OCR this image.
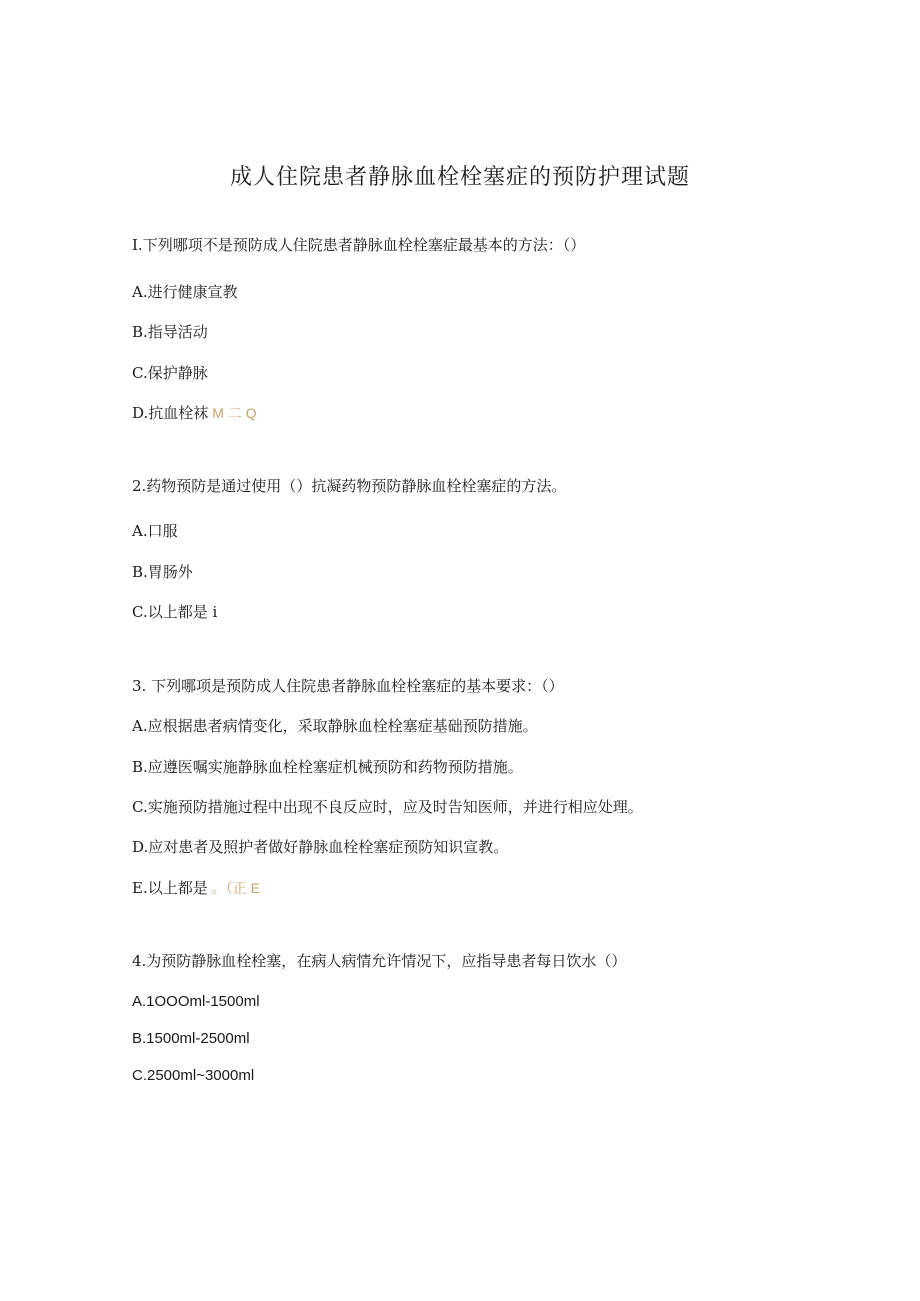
成人住院患者静脉血栓栓塞症的预防护理试题
I.下列哪项不是预防成人住院患者静脉血栓栓塞症最基本的方法：（）
A.进行健康宣教
B.指导活动
C.保护静脉
D.抗血栓袜 M 二 Q
2.药物预防是通过使用（）抗凝药物预防静脉血栓栓塞症的方法。
A.口服
B.胃肠外
C.以上都是 i
3. 下列哪项是预防成人住院患者静脉血栓栓塞症的基本要求：（）
A.应根据患者病情变化，采取静脉血栓栓塞症基础预防措施。
B.应遵医嘱实施静脉血栓栓塞症机械预防和药物预防措施。
C.实施预防措施过程中出现不良反应时，应及时告知医师，并进行相应处理。
D.应对患者及照护者做好静脉血栓栓塞症预防知识宣教。
E.以上都是 。（正 E
4.为预防静脉血栓栓塞，在病人病情允许情况下，应指导患者每日饮水（）
A.1OOOml-1500ml
B.1500ml-2500ml
C.2500ml~3000ml
